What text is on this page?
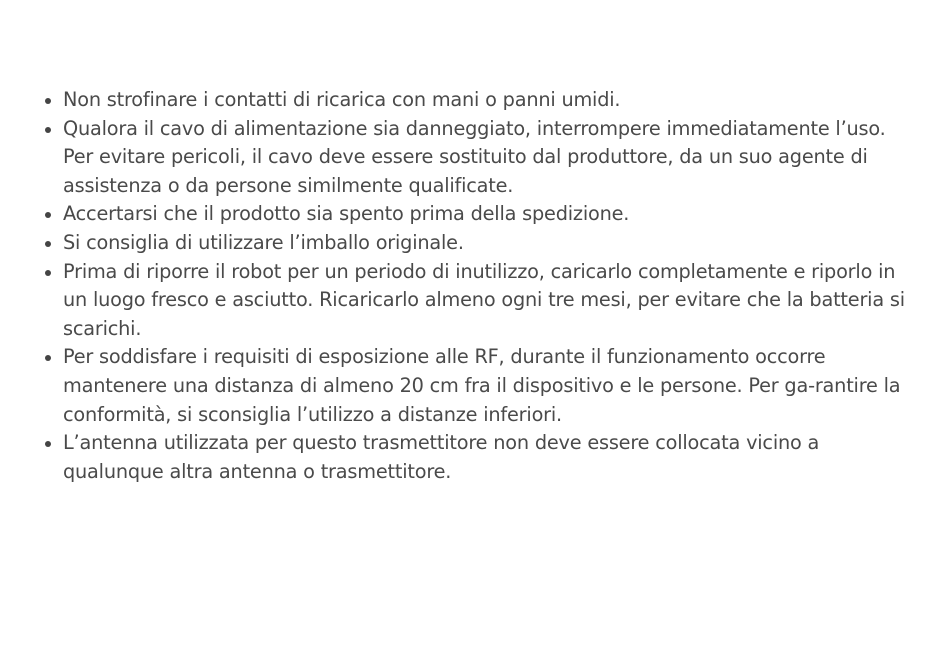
Non strofinare i contatti di ricarica con mani o panni umidi.
Qualora il cavo di alimentazione sia danneggiato, interrompere immediatamente l’uso. Per evitare pericoli, il cavo deve essere sostituito dal produttore, da un suo agente di assistenza o da persone similmente qualificate.
Accertarsi che il prodotto sia spento prima della spedizione.
Si consiglia di utilizzare l’imballo originale.
Prima di riporre il robot per un periodo di inutilizzo, caricarlo completamente e riporlo in un luogo fresco e asciutto. Ricaricarlo almeno ogni tre mesi, per evitare che la batteria si scarichi.
Per soddisfare i requisiti di esposizione alle RF, durante il funzionamento occorre mantenere una distanza di almeno 20 cm fra il dispositivo e le persone. Per ga-rantire la conformità, si sconsiglia l’utilizzo a distanze inferiori.
L’antenna utilizzata per questo trasmettitore non deve essere collocata vicino a qualunque altra antenna o trasmettitore.
